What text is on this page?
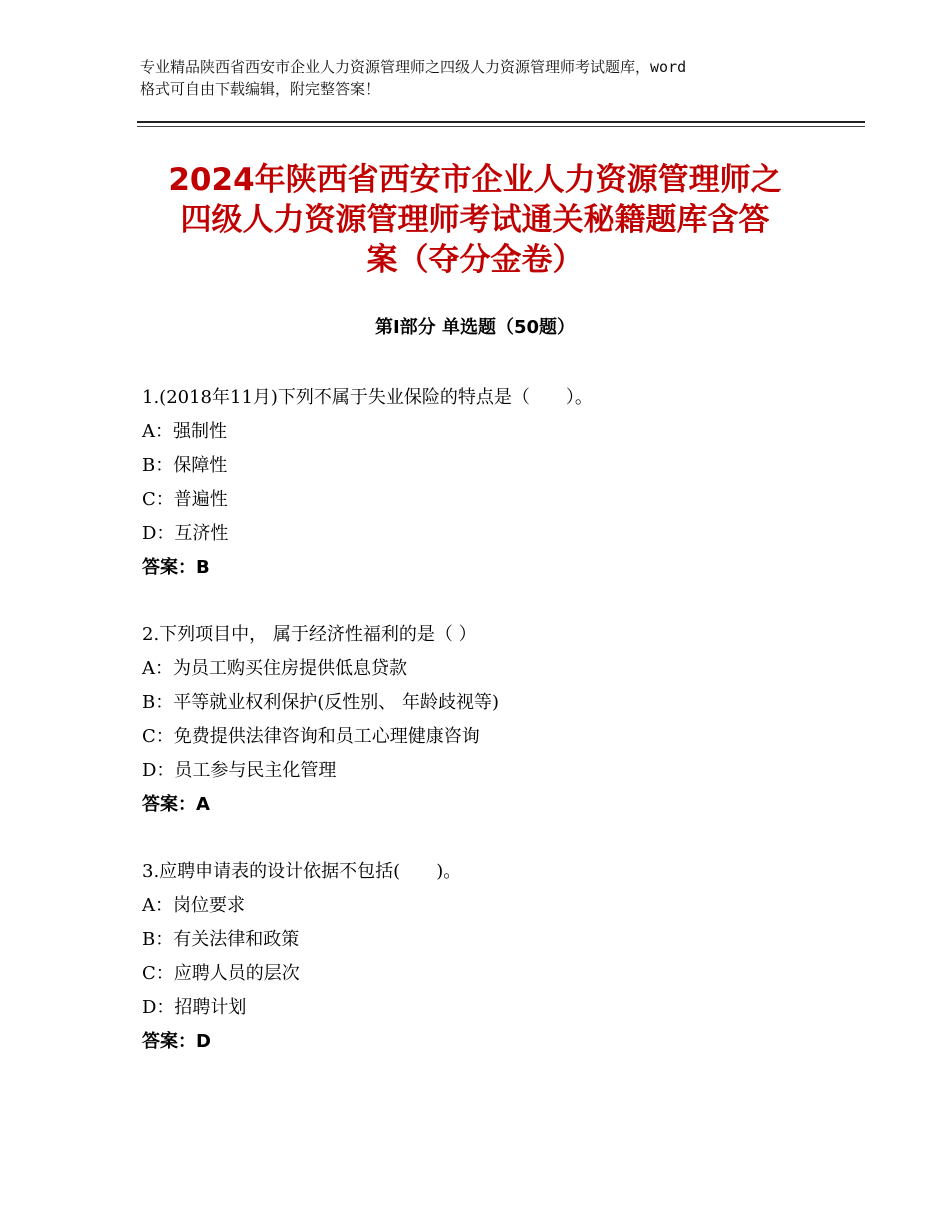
专业精品陕西省西安市企业人力资源管理师之四级人力资源管理师考试题库，word
格式可自由下载编辑，附完整答案！
2024年陕西省西安市企业人力资源管理师之
四级人力资源管理师考试通关秘籍题库含答
案（夺分金卷）
第Ⅰ部分 单选题（50题）
1.(2018年11月)下列不属于失业保险的特点是（　　）。
A：强制性
B：保障性
C：普遍性
D：互济性
答案：B
2.下列项目中， 属于经济性福利的是（ ）
A：为员工购买住房提供低息贷款
B：平等就业权利保护(反性别、 年龄歧视等)
C：免费提供法律咨询和员工心理健康咨询
D：员工参与民主化管理
答案：A
3.应聘申请表的设计依据不包括(　　)。
A：岗位要求
B：有关法律和政策
C：应聘人员的层次
D：招聘计划
答案：D
